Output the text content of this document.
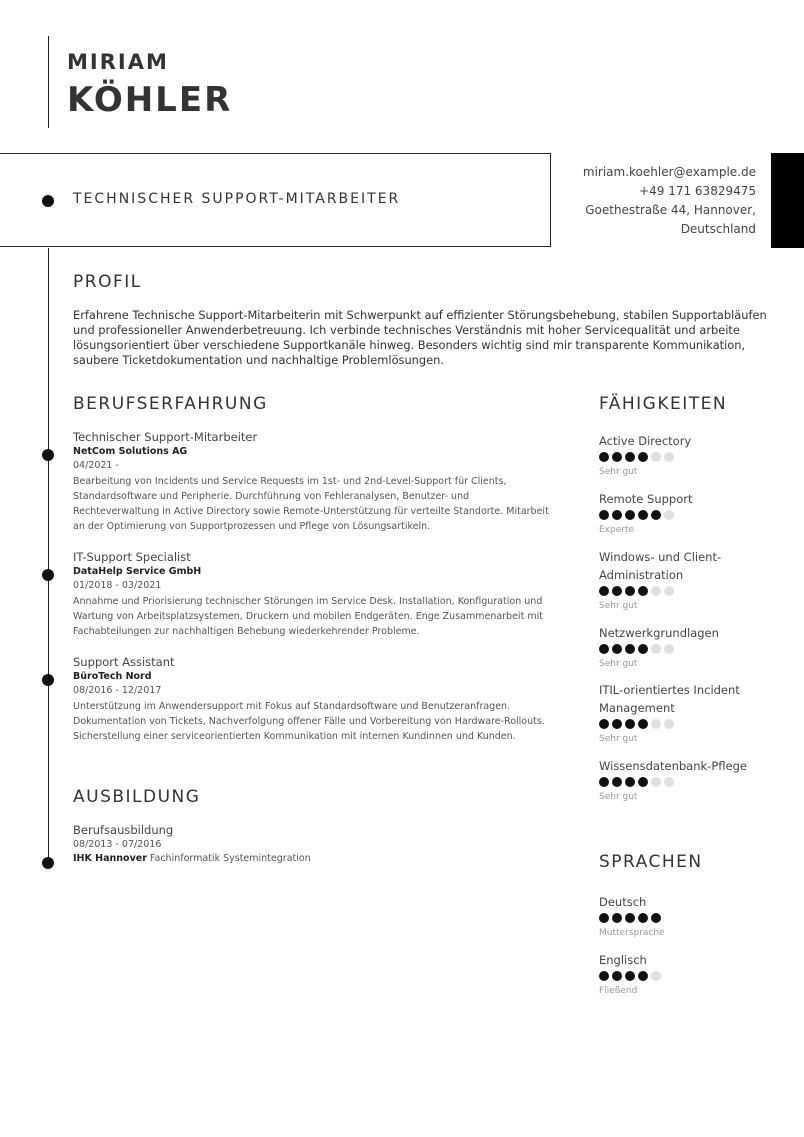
MIRIAM
KÖHLER
TECHNISCHER SUPPORT-MITARBEITER
miriam.koehler@example.de
+49 171 63829475
Goethestraße 44, Hannover,
Deutschland
PROFIL
Erfahrene Technische Support-Mitarbeiterin mit Schwerpunkt auf effizienter Störungsbehebung, stabilen Supportabläufen und professioneller Anwenderbetreuung. Ich verbinde technisches Verständnis mit hoher Servicequalität und arbeite lösungsorientiert über verschiedene Supportkanäle hinweg. Besonders wichtig sind mir transparente Kommunikation, saubere Ticketdokumentation und nachhaltige Problemlösungen.
BERUFSERFAHRUNG
Technischer Support-Mitarbeiter
NetCom Solutions AG
04/2021 -
Bearbeitung von Incidents und Service Requests im 1st- und 2nd-Level-Support für Clients, Standardsoftware und Peripherie. Durchführung von Fehleranalysen, Benutzer- und Rechteverwaltung in Active Directory sowie Remote-Unterstützung für verteilte Standorte. Mitarbeit an der Optimierung von Supportprozessen und Pflege von Lösungsartikeln.
IT-Support Specialist
DataHelp Service GmbH
01/2018 - 03/2021
Annahme und Priorisierung technischer Störungen im Service Desk. Installation, Konfiguration und Wartung von Arbeitsplatzsystemen, Druckern und mobilen Endgeräten. Enge Zusammenarbeit mit Fachabteilungen zur nachhaltigen Behebung wiederkehrender Probleme.
Support Assistant
BüroTech Nord
08/2016 - 12/2017
Unterstützung im Anwendersupport mit Fokus auf Standardsoftware und Benutzeranfragen. Dokumentation von Tickets, Nachverfolgung offener Fälle und Vorbereitung von Hardware-Rollouts. Sicherstellung einer serviceorientierten Kommunikation mit internen Kundinnen und Kunden.
AUSBILDUNG
Berufsausbildung
08/2013 - 07/2016
IHK Hannover Fachinformatik Systemintegration
FÄHIGKEITEN
Active Directory
Sehr gut
Remote Support
Experte
Windows- und Client-Administration
Sehr gut
Netzwerkgrundlagen
Sehr gut
ITIL-orientiertes Incident Management
Sehr gut
Wissensdatenbank-Pflege
Sehr gut
SPRACHEN
Deutsch
Muttersprache
Englisch
Fließend
